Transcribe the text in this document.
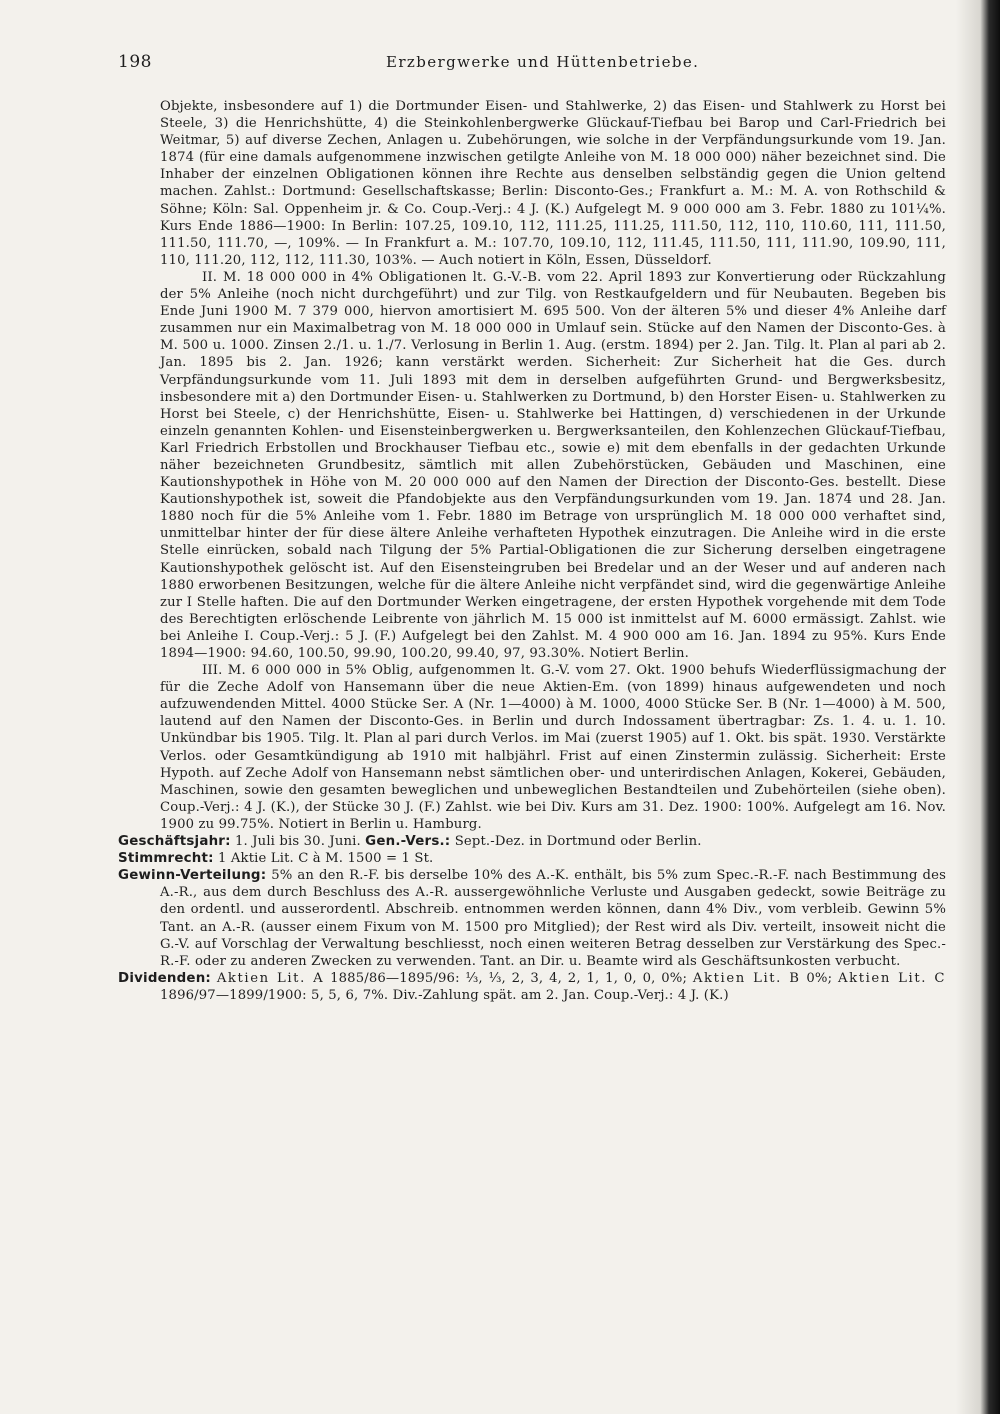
198	Erzbergwerke und Hüttenbetriebe.

Objekte, insbesondere auf 1) die Dortmunder Eisen- und Stahlwerke, 2) das Eisen- und Stahlwerk zu Horst bei Steele, 3) die Henrichshütte, 4) die Steinkohlenbergwerke Glückauf-Tiefbau bei Barop und Carl-Friedrich bei Weitmar, 5) auf diverse Zechen, Anlagen u. Zubehörungen, wie solche in der Verpfändungsurkunde vom 19. Jan. 1874 (für eine damals aufgenommene inzwischen getilgte Anleihe von M. 18 000 000) näher bezeichnet sind. Die Inhaber der einzelnen Obligationen können ihre Rechte aus denselben selbständig gegen die Union geltend machen. Zahlst.: Dortmund: Gesellschaftskasse; Berlin: Disconto-Ges.; Frankfurt a. M.: M. A. von Rothschild & Söhne; Köln: Sal. Oppenheim jr. & Co. Coup.-Verj.: 4 J. (K.) Aufgelegt M. 9 000 000 am 3. Febr. 1880 zu 101¼%. Kurs Ende 1886—1900: In Berlin: 107.25, 109.10, 112, 111.25, 111.25, 111.50, 112, 110, 110.60, 111, 111.50, 111.50, 111.70, —, 109%. — In Frankfurt a. M.: 107.70, 109.10, 112, 111.45, 111.50, 111, 111.90, 109.90, 111, 110, 111.20, 112, 112, 111.30, 103%. — Auch notiert in Köln, Essen, Düsseldorf.

II. M. 18 000 000 in 4% Obligationen lt. G.-V.-B. vom 22. April 1893 zur Konvertierung oder Rückzahlung der 5% Anleihe (noch nicht durchgeführt) und zur Tilg. von Restkaufgeldern und für Neubauten. Begeben bis Ende Juni 1900 M. 7 379 000, hiervon amortisiert M. 695 500. Von der älteren 5% und dieser 4% Anleihe darf zusammen nur ein Maximalbetrag von M. 18 000 000 in Umlauf sein. Stücke auf den Namen der Disconto-Ges. à M. 500 u. 1000. Zinsen 2./1. u. 1./7. Verlosung in Berlin 1. Aug. (erstm. 1894) per 2. Jan. Tilg. lt. Plan al pari ab 2. Jan. 1895 bis 2. Jan. 1926; kann verstärkt werden. Sicherheit: Zur Sicherheit hat die Ges. durch Verpfändungsurkunde vom 11. Juli 1893 mit dem in derselben aufgeführten Grund- und Bergwerksbesitz, insbesondere mit a) den Dortmunder Eisen- u. Stahlwerken zu Dortmund, b) den Horster Eisen- u. Stahlwerken zu Horst bei Steele, c) der Henrichshütte, Eisen- u. Stahlwerke bei Hattingen, d) verschiedenen in der Urkunde einzeln genannten Kohlen- und Eisensteinbergwerken u. Bergwerksanteilen, den Kohlenzechen Glückauf-Tiefbau, Karl Friedrich Erbstollen und Brockhauser Tiefbau etc., sowie e) mit dem ebenfalls in der gedachten Urkunde näher bezeichneten Grundbesitz, sämtlich mit allen Zubehörstücken, Gebäuden und Maschinen, eine Kautionshypothek in Höhe von M. 20 000 000 auf den Namen der Direction der Disconto-Ges. bestellt. Diese Kautionshypothek ist, soweit die Pfandobjekte aus den Verpfändungsurkunden vom 19. Jan. 1874 und 28. Jan. 1880 noch für die 5% Anleihe vom 1. Febr. 1880 im Betrage von ursprünglich M. 18 000 000 verhaftet sind, unmittelbar hinter der für diese ältere Anleihe verhafteten Hypothek einzutragen. Die Anleihe wird in die erste Stelle einrücken, sobald nach Tilgung der 5% Partial-Obligationen die zur Sicherung derselben eingetragene Kautionshypothek gelöscht ist. Auf den Eisensteingruben bei Bredelar und an der Weser und auf anderen nach 1880 erworbenen Besitzungen, welche für die ältere Anleihe nicht verpfändet sind, wird die gegenwärtige Anleihe zur I Stelle haften. Die auf den Dortmunder Werken eingetragene, der ersten Hypothek vorgehende mit dem Tode des Berechtigten erlöschende Leibrente von jährlich M. 15 000 ist inmittelst auf M. 6000 ermässigt. Zahlst. wie bei Anleihe I. Coup.-Verj.: 5 J. (F.) Aufgelegt bei den Zahlst. M. 4 900 000 am 16. Jan. 1894 zu 95%. Kurs Ende 1894—1900: 94.60, 100.50, 99.90, 100.20, 99.40, 97, 93.30%. Notiert Berlin.

III. M. 6 000 000 in 5% Oblig, aufgenommen lt. G.-V. vom 27. Okt. 1900 behufs Wiederflüssigmachung der für die Zeche Adolf von Hansemann über die neue Aktien-Em. (von 1899) hinaus aufgewendeten und noch aufzuwendenden Mittel. 4000 Stücke Ser. A (Nr. 1—4000) à M. 1000, 4000 Stücke Ser. B (Nr. 1—4000) à M. 500, lautend auf den Namen der Disconto-Ges. in Berlin und durch Indossament übertragbar: Zs. 1. 4. u. 1. 10. Unkündbar bis 1905. Tilg. lt. Plan al pari durch Verlos. im Mai (zuerst 1905) auf 1. Okt. bis spät. 1930. Verstärkte Verlos. oder Gesamtkündigung ab 1910 mit halbjährl. Frist auf einen Zinstermin zulässig. Sicherheit: Erste Hypoth. auf Zeche Adolf von Hansemann nebst sämtlichen ober- und unterirdischen Anlagen, Kokerei, Gebäuden, Maschinen, sowie den gesamten beweglichen und unbeweglichen Bestandteilen und Zubehörteilen (siehe oben). Coup.-Verj.: 4 J. (K.), der Stücke 30 J. (F.) Zahlst. wie bei Div. Kurs am 31. Dez. 1900: 100%. Aufgelegt am 16. Nov. 1900 zu 99.75%. Notiert in Berlin u. Hamburg.

Geschäftsjahr: 1. Juli bis 30. Juni. Gen.-Vers.: Sept.-Dez. in Dortmund oder Berlin.

Stimmrecht: 1 Aktie Lit. C à M. 1500 = 1 St.

Gewinn-Verteilung: 5% an den R.-F. bis derselbe 10% des A.-K. enthält, bis 5% zum Spec.-R.-F. nach Bestimmung des A.-R., aus dem durch Beschluss des A.-R. aussergewöhnliche Verluste und Ausgaben gedeckt, sowie Beiträge zu den ordentl. und ausserordentl. Abschreib. entnommen werden können, dann 4% Div., vom verbleib. Gewinn 5% Tant. an A.-R. (ausser einem Fixum von M. 1500 pro Mitglied); der Rest wird als Div. verteilt, insoweit nicht die G.-V. auf Vorschlag der Verwaltung beschliesst, noch einen weiteren Betrag desselben zur Verstärkung des Spec.-R.-F. oder zu anderen Zwecken zu verwenden. Tant. an Dir. u. Beamte wird als Geschäftsunkosten verbucht.

Dividenden: Aktien Lit. A 1885/86—1895/96: ⅓, ⅓, 2, 3, 4, 2, 1, 1, 0, 0, 0%; Aktien Lit. B 0%; Aktien Lit. C 1896/97—1899/1900: 5, 5, 6, 7%. Div.-Zahlung spät. am 2. Jan. Coup.-Verj.: 4 J. (K.)
